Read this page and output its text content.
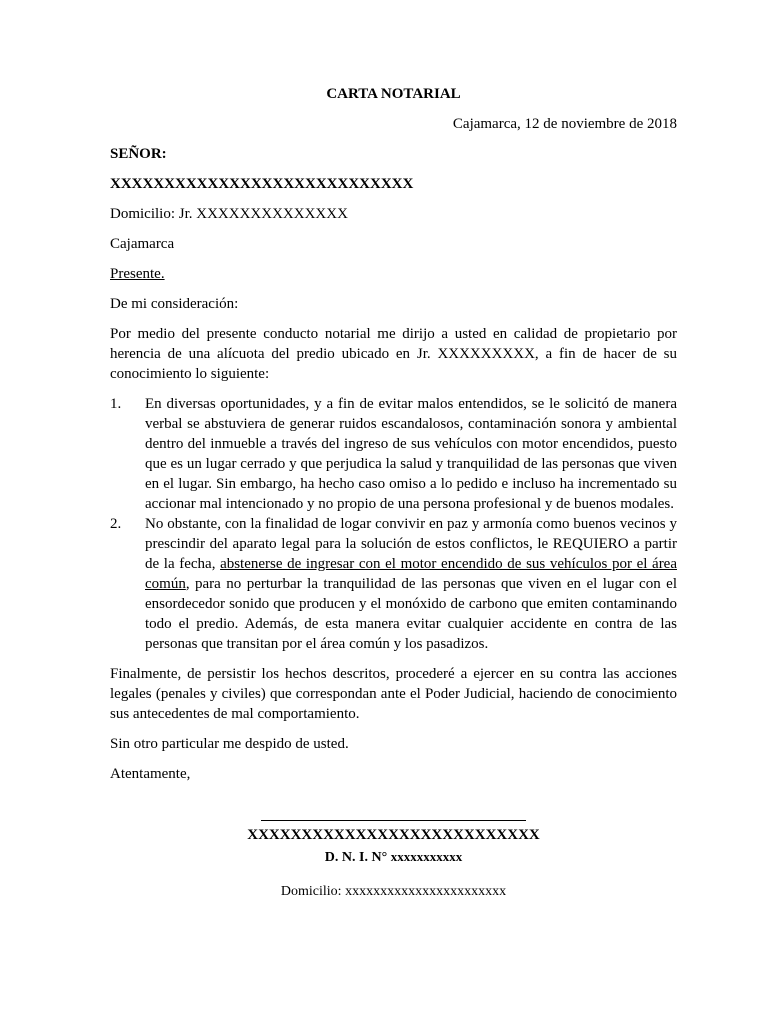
CARTA NOTARIAL

Cajamarca, 12 de noviembre de 2018

SEÑOR:

XXXXXXXXXXXXXXXXXXXXXXXXXXXX

Domicilio: Jr. XXXXXXXXXXXXXX

Cajamarca

Presente.

De mi consideración:

Por medio del presente conducto notarial me dirijo a usted en calidad de propietario por herencia de una alícuota del predio ubicado en Jr. XXXXXXXXX, a fin de hacer de su conocimiento lo siguiente:

1.	En diversas oportunidades, y a fin de evitar malos entendidos, se le solicitó de manera verbal se abstuviera de generar ruidos escandalosos, contaminación sonora y ambiental dentro del inmueble a través del ingreso de sus vehículos con motor encendidos, puesto que es un lugar cerrado y que perjudica la salud y tranquilidad de las personas que viven en el lugar. Sin embargo, ha hecho caso omiso a lo pedido e incluso ha incrementado su accionar mal intencionado y no propio de una persona profesional y de buenos modales.
2.	No obstante, con la finalidad de logar convivir en paz y armonía como buenos vecinos y prescindir del aparato legal para la solución de estos conflictos, le REQUIERO a partir de la fecha, abstenerse de ingresar con el motor encendido de sus vehículos por el área común, para no perturbar la tranquilidad de las personas que viven en el lugar con el ensordecedor sonido que producen y el monóxido de carbono que emiten contaminando todo el predio. Además, de esta manera evitar cualquier accidente en contra de las personas que transitan por el área común y los pasadizos.

Finalmente, de persistir los hechos descritos, procederé a ejercer en su contra las acciones legales (penales y civiles) que correspondan ante el Poder Judicial, haciendo de conocimiento sus antecedentes de mal comportamiento.

Sin otro particular me despido de usted.

Atentamente,

XXXXXXXXXXXXXXXXXXXXXXXXXXX
D. N. I. N° xxxxxxxxxxx
Domicilio: xxxxxxxxxxxxxxxxxxxxxxx
